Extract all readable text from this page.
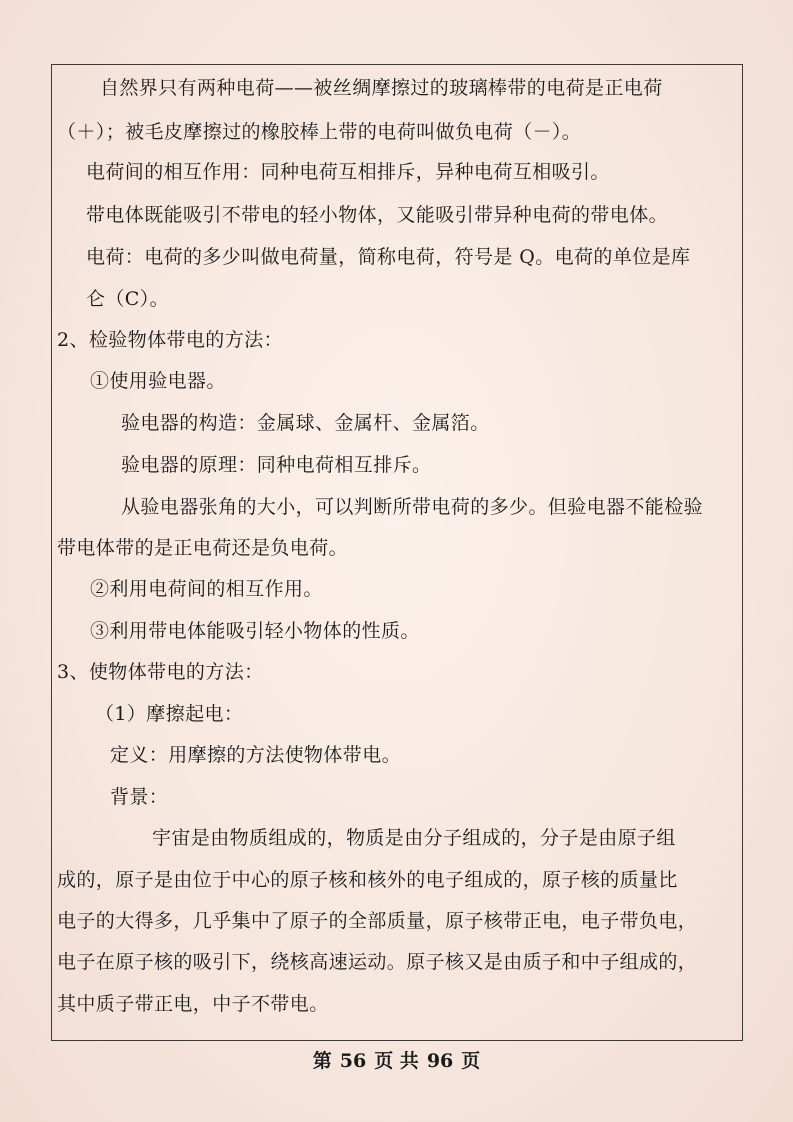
自然界只有两种电荷——被丝绸摩擦过的玻璃棒带的电荷是正电荷
（＋）；被毛皮摩擦过的橡胶棒上带的电荷叫做负电荷（－）。
电荷间的相互作用：同种电荷互相排斥，异种电荷互相吸引。
带电体既能吸引不带电的轻小物体，又能吸引带异种电荷的带电体。
电荷：电荷的多少叫做电荷量，简称电荷，符号是 Q。电荷的单位是库
仑（C）。
2、检验物体带电的方法：
①使用验电器。
验电器的构造：金属球、金属杆、金属箔。
验电器的原理：同种电荷相互排斥。
从验电器张角的大小，可以判断所带电荷的多少。但验电器不能检验
带电体带的是正电荷还是负电荷。
②利用电荷间的相互作用。
③利用带电体能吸引轻小物体的性质。
3、使物体带电的方法：
（1）摩擦起电：
定义：用摩擦的方法使物体带电。
背景：
宇宙是由物质组成的，物质是由分子组成的，分子是由原子组
成的，原子是由位于中心的原子核和核外的电子组成的，原子核的质量比
电子的大得多，几乎集中了原子的全部质量，原子核带正电，电子带负电，
电子在原子核的吸引下，绕核高速运动。原子核又是由质子和中子组成的，
其中质子带正电，中子不带电。
第 56 页 共 96 页
